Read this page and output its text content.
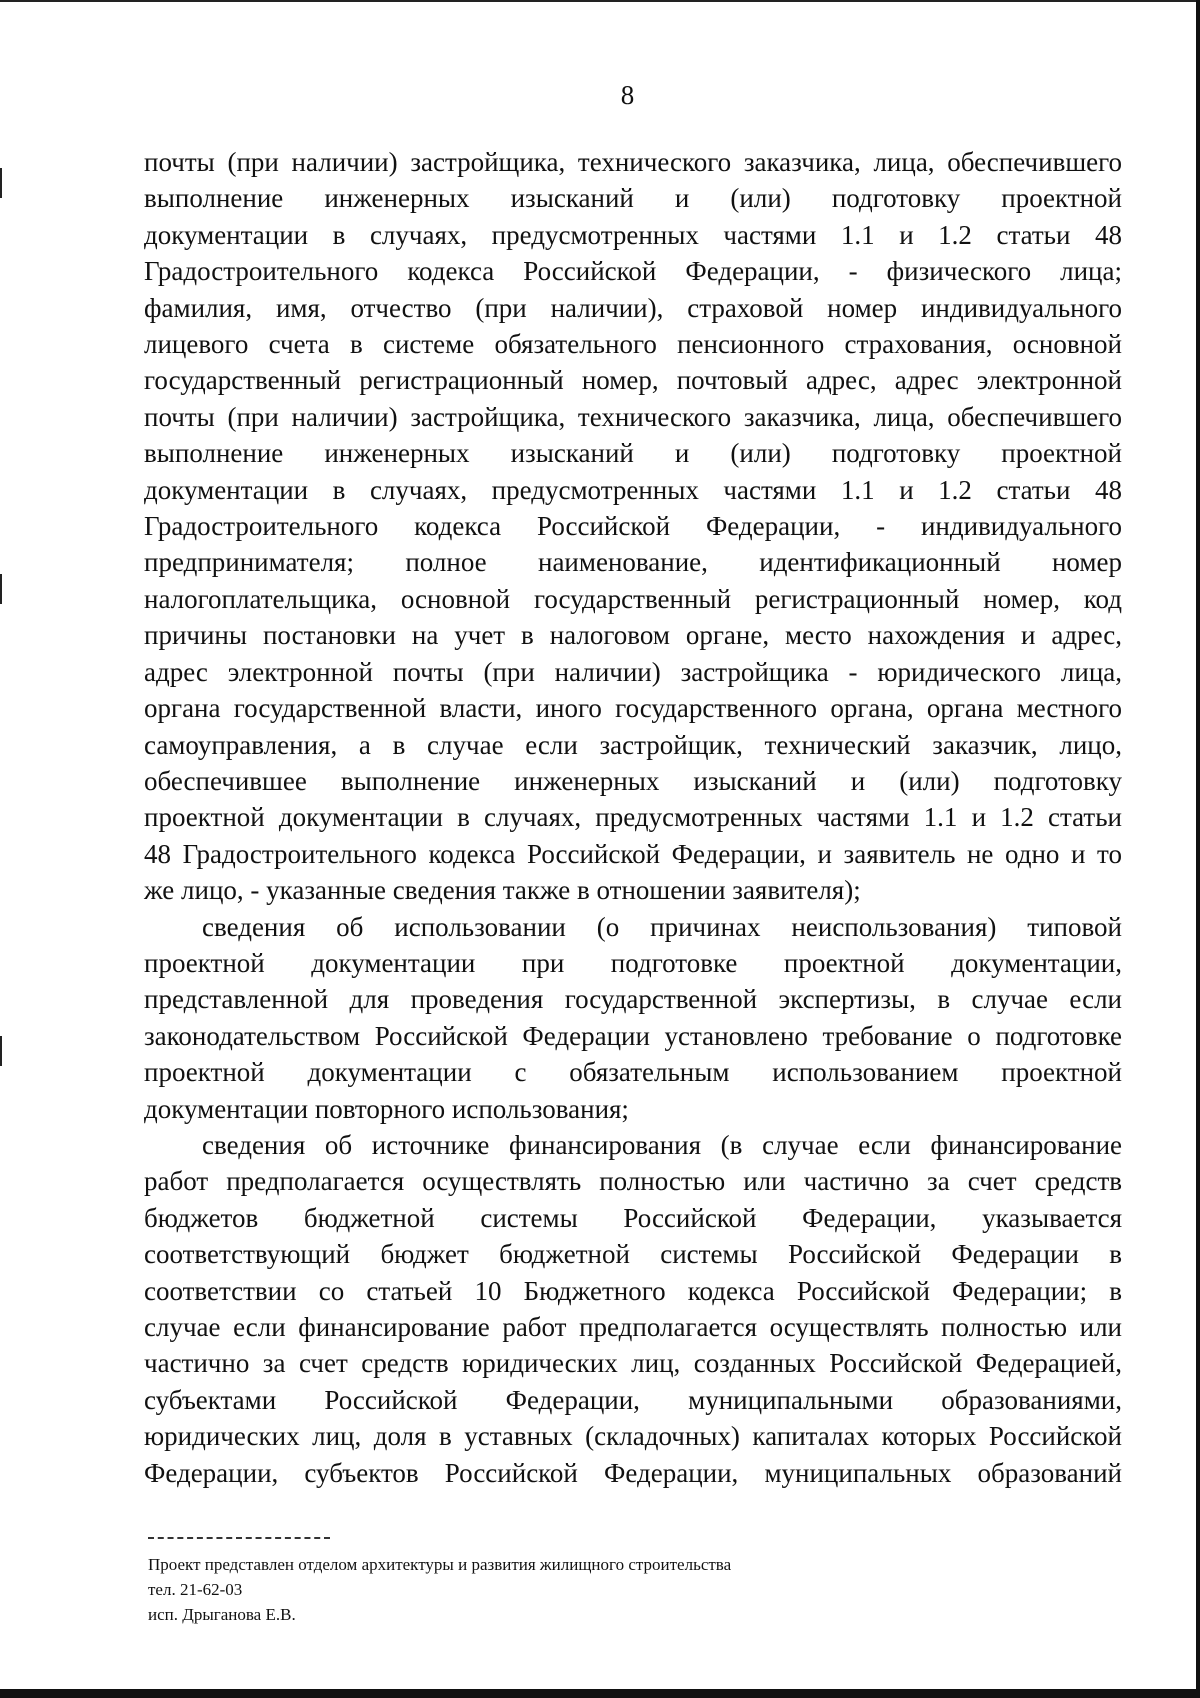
8

почты (при наличии) застройщика, технического заказчика, лица, обеспечившего

выполнение инженерных изысканий и (или) подготовку проектной

документации в случаях, предусмотренных частями 1.1 и 1.2 статьи 48

Градостроительного кодекса Российской Федерации, - физического лица;

фамилия, имя, отчество (при наличии), страховой номер индивидуального

лицевого счета в системе обязательного пенсионного страхования, основной

государственный регистрационный номер, почтовый адрес, адрес электронной

почты (при наличии) застройщика, технического заказчика, лица, обеспечившего

выполнение инженерных изысканий и (или) подготовку проектной

документации в случаях, предусмотренных частями 1.1 и 1.2 статьи 48

Градостроительного кодекса Российской Федерации, - индивидуального

предпринимателя; полное наименование, идентификационный номер

налогоплательщика, основной государственный регистрационный номер, код

причины постановки на учет в налоговом органе, место нахождения и адрес,

адрес электронной почты (при наличии) застройщика - юридического лица,

органа государственной власти, иного государственного органа, органа местного

самоуправления, а в случае если застройщик, технический заказчик, лицо,

обеспечившее выполнение инженерных изысканий и (или) подготовку

проектной документации в случаях, предусмотренных частями 1.1 и 1.2 статьи

48 Градостроительного кодекса Российской Федерации, и заявитель не одно и то

же лицо, - указанные сведения также в отношении заявителя);

сведения об использовании (о причинах неиспользования) типовой

проектной документации при подготовке проектной документации,

представленной для проведения государственной экспертизы, в случае если

законодательством Российской Федерации установлено требование о подготовке

проектной документации с обязательным использованием проектной

документации повторного использования;

сведения об источнике финансирования (в случае если финансирование

работ предполагается осуществлять полностью или частично за счет средств

бюджетов бюджетной системы Российской Федерации, указывается

соответствующий бюджет бюджетной системы Российской Федерации в

соответствии со статьей 10 Бюджетного кодекса Российской Федерации; в

случае если финансирование работ предполагается осуществлять полностью или

частично за счет средств юридических лиц, созданных Российской Федерацией,

субъектами Российской Федерации, муниципальными образованиями,

юридических лиц, доля в уставных (складочных) капиталах которых Российской

Федерации, субъектов Российской Федерации, муниципальных образований

Проект представлен отделом архитектуры и развития жилищного строительства
тел. 21-62-03
исп. Дрыганова Е.В.
